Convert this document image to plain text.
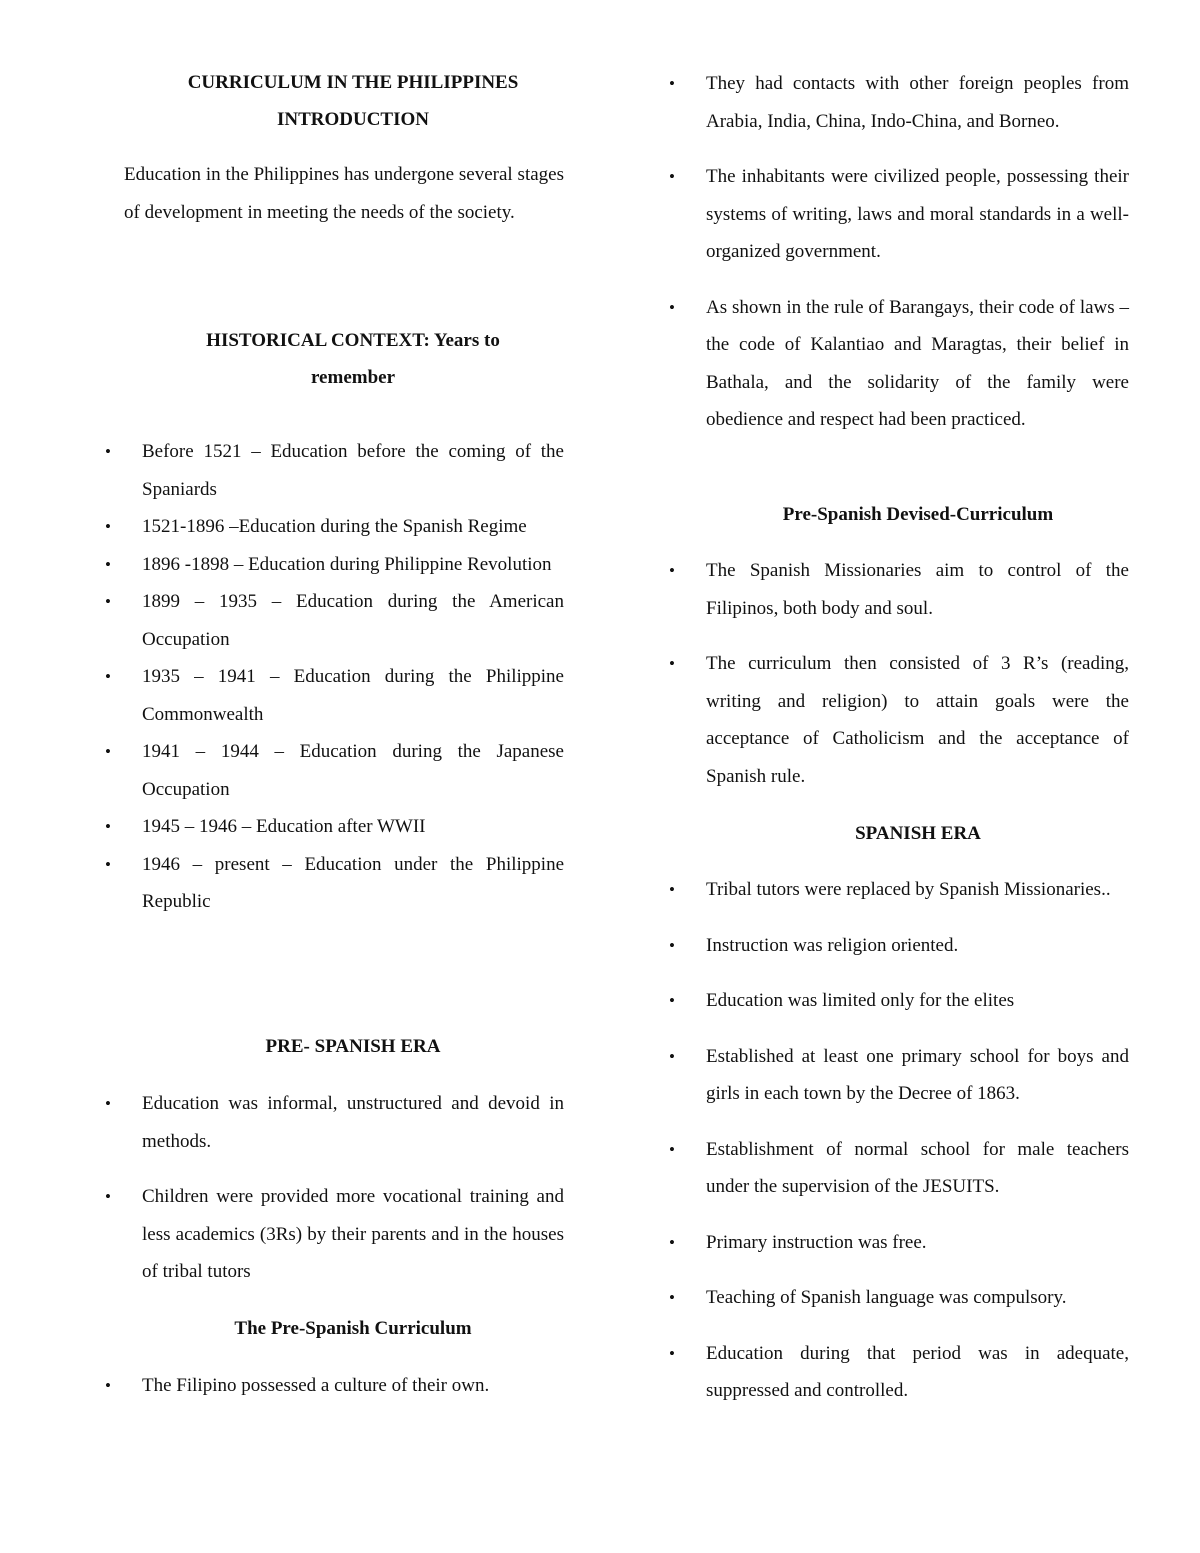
CURRICULUM IN THE PHILIPPINES

INTRODUCTION

Education in the Philippines has undergone several stages of development in meeting the needs of the society.

HISTORICAL CONTEXT: Years to

remember

• Before 1521 – Education before the coming of the Spaniards
• 1521-1896 –Education during the Spanish Regime
• 1896 -1898 – Education during Philippine Revolution
• 1899 – 1935 – Education during the American Occupation
• 1935 – 1941 – Education during the Philippine Commonwealth
• 1941 – 1944 – Education during the Japanese Occupation
• 1945 – 1946 – Education after WWII
• 1946 – present – Education under the Philippine Republic

PRE- SPANISH ERA

• Education was informal, unstructured and devoid in methods.
• Children were provided more vocational training and less academics (3Rs) by their parents and in the houses of tribal tutors

The Pre-Spanish Curriculum

• The Filipino possessed a culture of their own.
• They had contacts with other foreign peoples from Arabia, India, China, Indo-China, and Borneo.
• The inhabitants were civilized people, possessing their systems of writing, laws and moral standards in a well-organized government.
• As shown in the rule of Barangays, their code of laws –the code of Kalantiao and Maragtas, their belief in Bathala, and the solidarity of the family were obedience and respect had been practiced.

Pre-Spanish Devised-Curriculum

• The Spanish Missionaries aim to control of the Filipinos, both body and soul.
• The curriculum then consisted of 3 R’s (reading, writing and religion) to attain goals were the acceptance of Catholicism and the acceptance of Spanish rule.

SPANISH ERA

• Tribal tutors were replaced by Spanish Missionaries..
• Instruction was religion oriented.
• Education was limited only for the elites
• Established at least one primary school for boys and girls in each town by the Decree of 1863.
• Establishment of normal school for male teachers under the supervision of the JESUITS.
• Primary instruction was free.
• Teaching of Spanish language was compulsory.
• Education during that period was in adequate, suppressed and controlled.
